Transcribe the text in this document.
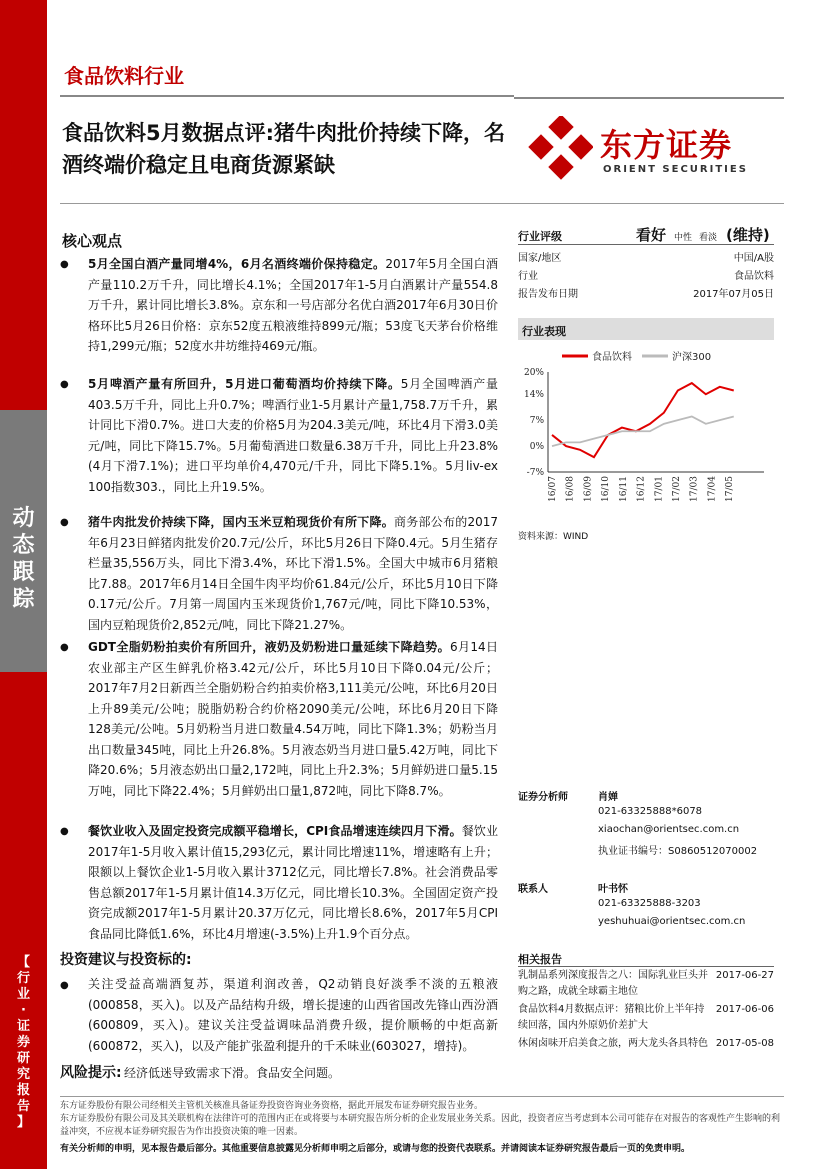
动
态
跟
踪
【
行
业
·
证
券
研
究
报
告
】
食品饮料行业
食品饮料5月数据点评:猪牛肉批价持续下降，名酒终端价稳定且电商货源紧缺
东方证券
ORIENT SECURITIES
核心观点
● 5月全国白酒产量同增4%，6月名酒终端价保持稳定。2017年5月全国白酒产量110.2万千升，同比增长4.1%；全国2017年1-5月白酒累计产量554.8万千升，累计同比增长3.8%。京东和一号店部分名优白酒2017年6月30日价格环比5月26日价格：京东52度五粮液维持899元/瓶；53度飞天茅台价格维持1,299元/瓶；52度水井坊维持469元/瓶。
● 5月啤酒产量有所回升，5月进口葡萄酒均价持续下降。5月全国啤酒产量403.5万千升，同比上升0.7%；啤酒行业1-5月累计产量1,758.7万千升，累计同比下滑0.7%。进口大麦的价格5月为204.3美元/吨，环比4月下滑3.0美元/吨，同比下降15.7%。5月葡萄酒进口数量6.38万千升，同比上升23.8%(4月下滑7.1%)；进口平均单价4,470元/千升，同比下降5.1%。5月liv-ex 100指数303.，同比上升19.5%。
● 猪牛肉批发价持续下降，国内玉米豆粕现货价有所下降。商务部公布的2017年6月23日鲜猪肉批发价20.7元/公斤，环比5月26日下降0.4元。5月生猪存栏量35,556万头，同比下滑3.4%，环比下滑1.5%。全国大中城市6月猪粮比7.88。2017年6月14日全国牛肉平均价61.84元/公斤，环比5月10日下降0.17元/公斤。7月第一周国内玉米现货价1,767元/吨，同比下降10.53%，国内豆粕现货价2,852元/吨，同比下降21.27%。
● GDT全脂奶粉拍卖价有所回升，液奶及奶粉进口量延续下降趋势。6月14日农业部主产区生鲜乳价格3.42元/公斤，环比5月10日下降0.04元/公斤；2017年7月2日新西兰全脂奶粉合约拍卖价格3,111美元/公吨，环比6月20日上升89美元/公吨；脱脂奶粉合约价格2090美元/公吨，环比6月20日下降128美元/公吨。5月奶粉当月进口数量4.54万吨，同比下降1.3%；奶粉当月出口数量345吨，同比上升26.8%。5月液态奶当月进口量5.42万吨，同比下降20.6%；5月液态奶出口量2,172吨，同比上升2.3%；5月鲜奶进口量5.15万吨，同比下降22.4%；5月鲜奶出口量1,872吨，同比下降8.7%。
● 餐饮业收入及固定投资完成额平稳增长，CPI食品增速连续四月下滑。餐饮业2017年1-5月收入累计值15,293亿元，累计同比增速11%，增速略有上升；限额以上餐饮企业1-5月收入累计3712亿元，同比增长7.8%。社会消费品零售总额2017年1-5月累计值14.3万亿元，同比增长10.3%。全国固定资产投资完成额2017年1-5月累计20.37万亿元，同比增长8.6%，2017年5月CPI食品同比降低1.6%，环比4月增速(-3.5%)上升1.9个百分点。
投资建议与投资标的:
● 关注受益高端酒复苏，渠道利润改善，Q2动销良好淡季不淡的五粮液(000858，买入)。以及产品结构升级，增长提速的山西省国改先锋山西汾酒(600809，买入)。建议关注受益调味品消费升级，提价顺畅的中炬高新(600872，买入)，以及产能扩张盈利提升的千禾味业(603027，增持)。
风险提示: 经济低迷导致需求下滑。食品安全问题。
行业评级	看好 中性 看淡 (维持)
国家/地区	中国/A股
行业	食品饮料
报告发布日期	2017年07月05日
行业表现
食品饮料	沪深300
20%
14%
7%
0%
-7%
16/07 16/08 16/09 16/10 16/11 16/12 17/01 17/02 17/03 17/04 17/05
资料来源：WIND
证券分析师	肖婵
021-63325888*6078
xiaochan@orientsec.com.cn
执业证书编号：S0860512070002
联系人	叶书怀
021-63325888-3203
yeshuhuai@orientsec.com.cn
相关报告
乳制品系列深度报告之八：国际乳业巨头并购之路，成就全球霸主地位
2017-06-27
食品饮料4月数据点评：猪粮比价上半年持续回落，国内外原奶价差扩大
2017-06-06
休闲卤味开启美食之旅，两大龙头各具特色 2017-05-08
东方证券股份有限公司经相关主管机关核准具备证券投资咨询业务资格，据此开展发布证券研究报告业务。
东方证券股份有限公司及其关联机构在法律许可的范围内正在或将要与本研究报告所分析的企业发展业务关系。因此，投资者应当考虑到本公司可能存在对报告的客观性产生影响的利益冲突，不应视本证券研究报告为作出投资决策的唯一因素。
有关分析师的申明，见本报告最后部分。其他重要信息披露见分析师申明之后部分，或请与您的投资代表联系。并请阅读本证券研究报告最后一页的免责申明。
